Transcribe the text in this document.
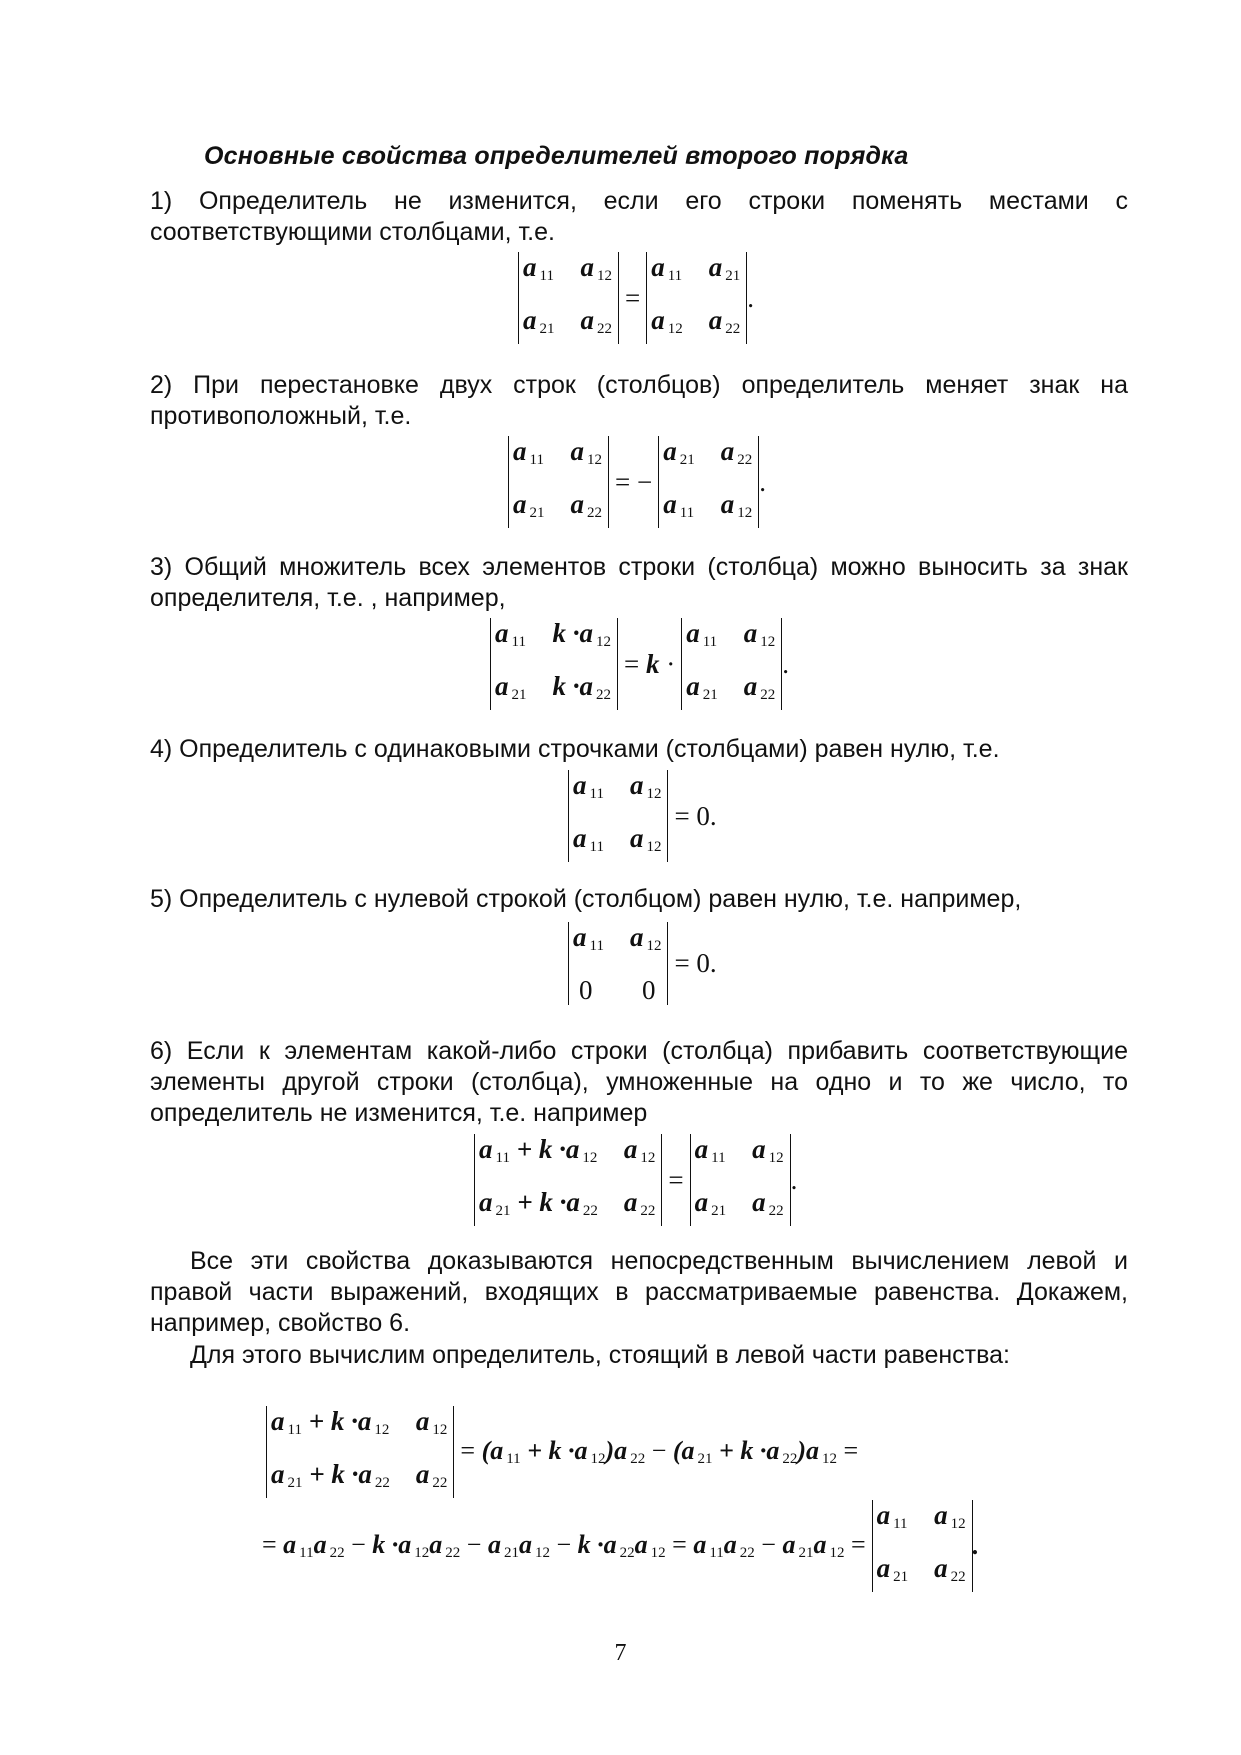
Основные свойства определителей второго порядка
1) Определитель не изменится, если его строки поменять местами с соответствующими столбцами, т.е.
a 11 a 12
a 21 a 22
=
a 11 a 21
a 12 a 22
.
2) При перестановке двух строк (столбцов) определитель меняет знак на противоположный, т.е.
a 11 a 12
a 21 a 22
= −
a 21 a 22
a 11 a 12
.
3) Общий множитель всех элементов строки (столбца) можно выносить за знак определителя, т.е. , например,
a 11 k ·a 12
a 21 k ·a 22
= k ·
a 11 a 12
a 21 a 22
.
4) Определитель с одинаковыми строчками (столбцами) равен нулю, т.е.
a 11 a 12
a 11 a 12
= 0.
5) Определитель с нулевой строкой (столбцом) равен нулю, т.е. например,
a 11 a 12
0	0
= 0.
6) Если к элементам какой-либо строки (столбца) прибавить соответствующие элементы другой строки (столбца), умноженные на одно и то же число, то определитель не изменится, т.е. например
a 11 + k ·a 12 a 12
a 21 + k ·a 22 a 22
=
a 11 a 12
a 21 a 22
.
Все эти свойства доказываются непосредственным вычислением левой и правой части выражений, входящих в рассматриваемые равенства. Докажем, например, свойство 6.
Для этого вычислим определитель, стоящий в левой части равенства:
a 11 + k ·a 12 a 12
a 21 + k ·a 22 a 22
= (a 11 + k ·a 12)a 22 − (a 21 + k ·a 22)a 12 =
= a 11a 22 − k ·a 12a 22 − a 21a 12 − k ·a 22a 12 = a 11a 22 − a 21a 12 =
a 11 a 12
a 21 a 22
.
7
